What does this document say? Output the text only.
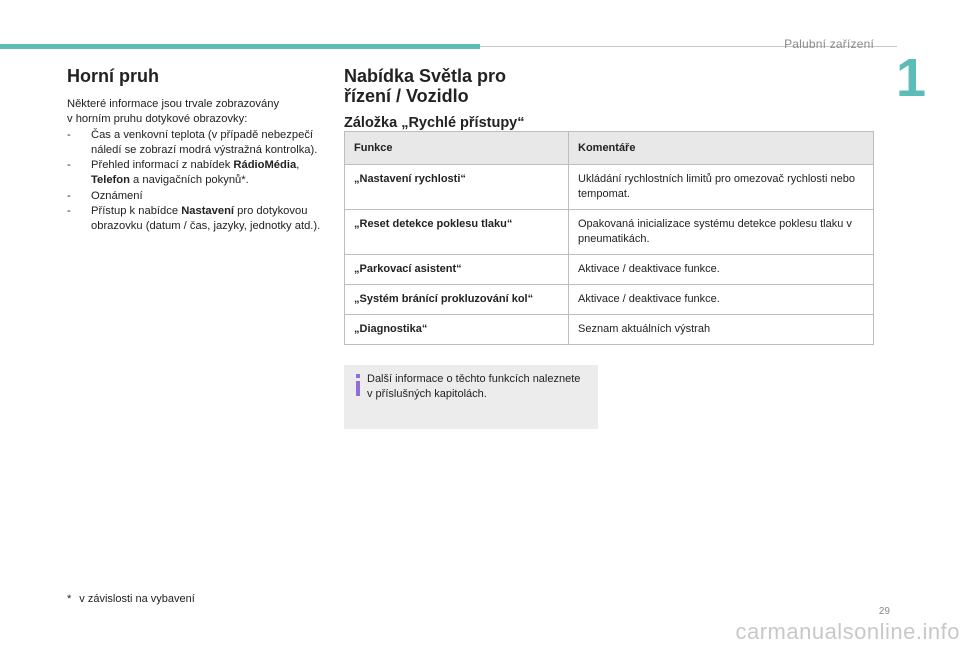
Palubní zařízení
1
Horní pruh

Některé informace jsou trvale zobrazovány
v horním pruhu dotykové obrazovky:

- Čas a venkovní teplota (v případě nebezpečí náledí se zobrazí modrá výstražná kontrolka).
- Přehled informací z nabídek RádioMédia, Telefon a navigačních pokynů*.
- Oznámení
- Přístup k nabídce Nastavení pro dotykovou obrazovku (datum / čas, jazyky, jednotky atd.).
Nabídka Světla pro řízení / Vozidlo
Záložka „Rychlé přístupy“
Funkce	Komentáře
„Nastavení rychlosti“	Ukládání rychlostních limitů pro omezovač rychlosti nebo tempomat.
„Reset detekce poklesu tlaku“	Opakovaná inicializace systému detekce poklesu tlaku v pneumatikách.
„Parkovací asistent“	Aktivace / deaktivace funkce.
„Systém bránící prokluzování kol“	Aktivace / deaktivace funkce.
„Diagnostika“	Seznam aktuálních výstrah
Další informace o těchto funkcích naleznete v příslušných kapitolách.
* v závislosti na vybavení
29
carmanualsonline.info
